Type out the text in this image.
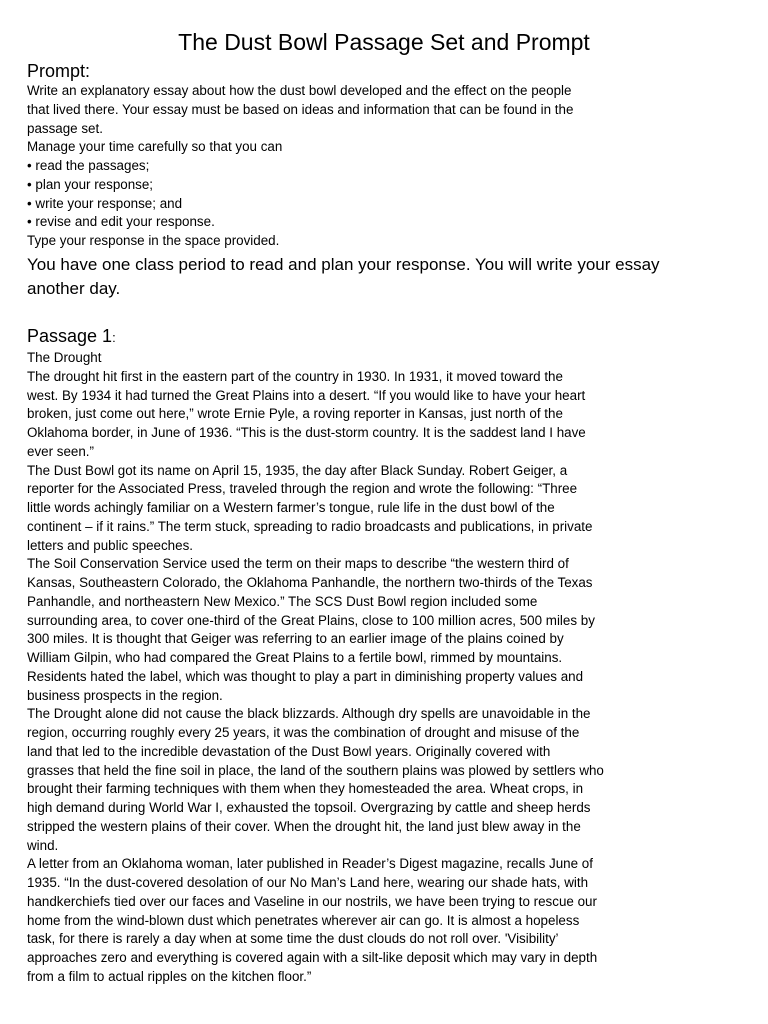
The Dust Bowl Passage Set and Prompt
Prompt:
Write an explanatory essay about how the dust bowl developed and the effect on the people
that lived there. Your essay must be based on ideas and information that can be found in the
passage set.
Manage your time carefully so that you can
• read the passages;
• plan your response;
• write your response; and
• revise and edit your response.
Type your response in the space provided.
You have one class period to read and plan your response. You will write your essay
another day.
Passage 1:
The Drought
The drought hit first in the eastern part of the country in 1930. In 1931, it moved toward the
west. By 1934 it had turned the Great Plains into a desert. “If you would like to have your heart
broken, just come out here,” wrote Ernie Pyle, a roving reporter in Kansas, just north of the
Oklahoma border, in June of 1936. “This is the dust-storm country. It is the saddest land I have
ever seen.”
The Dust Bowl got its name on April 15, 1935, the day after Black Sunday. Robert Geiger, a
reporter for the Associated Press, traveled through the region and wrote the following: “Three
little words achingly familiar on a Western farmer’s tongue, rule life in the dust bowl of the
continent – if it rains.” The term stuck, spreading to radio broadcasts and publications, in private
letters and public speeches.
The Soil Conservation Service used the term on their maps to describe “the western third of
Kansas, Southeastern Colorado, the Oklahoma Panhandle, the northern two-thirds of the Texas
Panhandle, and northeastern New Mexico.” The SCS Dust Bowl region included some
surrounding area, to cover one-third of the Great Plains, close to 100 million acres, 500 miles by
300 miles. It is thought that Geiger was referring to an earlier image of the plains coined by
William Gilpin, who had compared the Great Plains to a fertile bowl, rimmed by mountains.
Residents hated the label, which was thought to play a part in diminishing property values and
business prospects in the region.
The Drought alone did not cause the black blizzards. Although dry spells are unavoidable in the
region, occurring roughly every 25 years, it was the combination of drought and misuse of the
land that led to the incredible devastation of the Dust Bowl years. Originally covered with
grasses that held the fine soil in place, the land of the southern plains was plowed by settlers who
brought their farming techniques with them when they homesteaded the area. Wheat crops, in
high demand during World War I, exhausted the topsoil. Overgrazing by cattle and sheep herds
stripped the western plains of their cover. When the drought hit, the land just blew away in the
wind.
A letter from an Oklahoma woman, later published in Reader’s Digest magazine, recalls June of
1935. “In the dust-covered desolation of our No Man’s Land here, wearing our shade hats, with
handkerchiefs tied over our faces and Vaseline in our nostrils, we have been trying to rescue our
home from the wind-blown dust which penetrates wherever air can go. It is almost a hopeless
task, for there is rarely a day when at some time the dust clouds do not roll over. 'Visibility’
approaches zero and everything is covered again with a silt-like deposit which may vary in depth
from a film to actual ripples on the kitchen floor.”
